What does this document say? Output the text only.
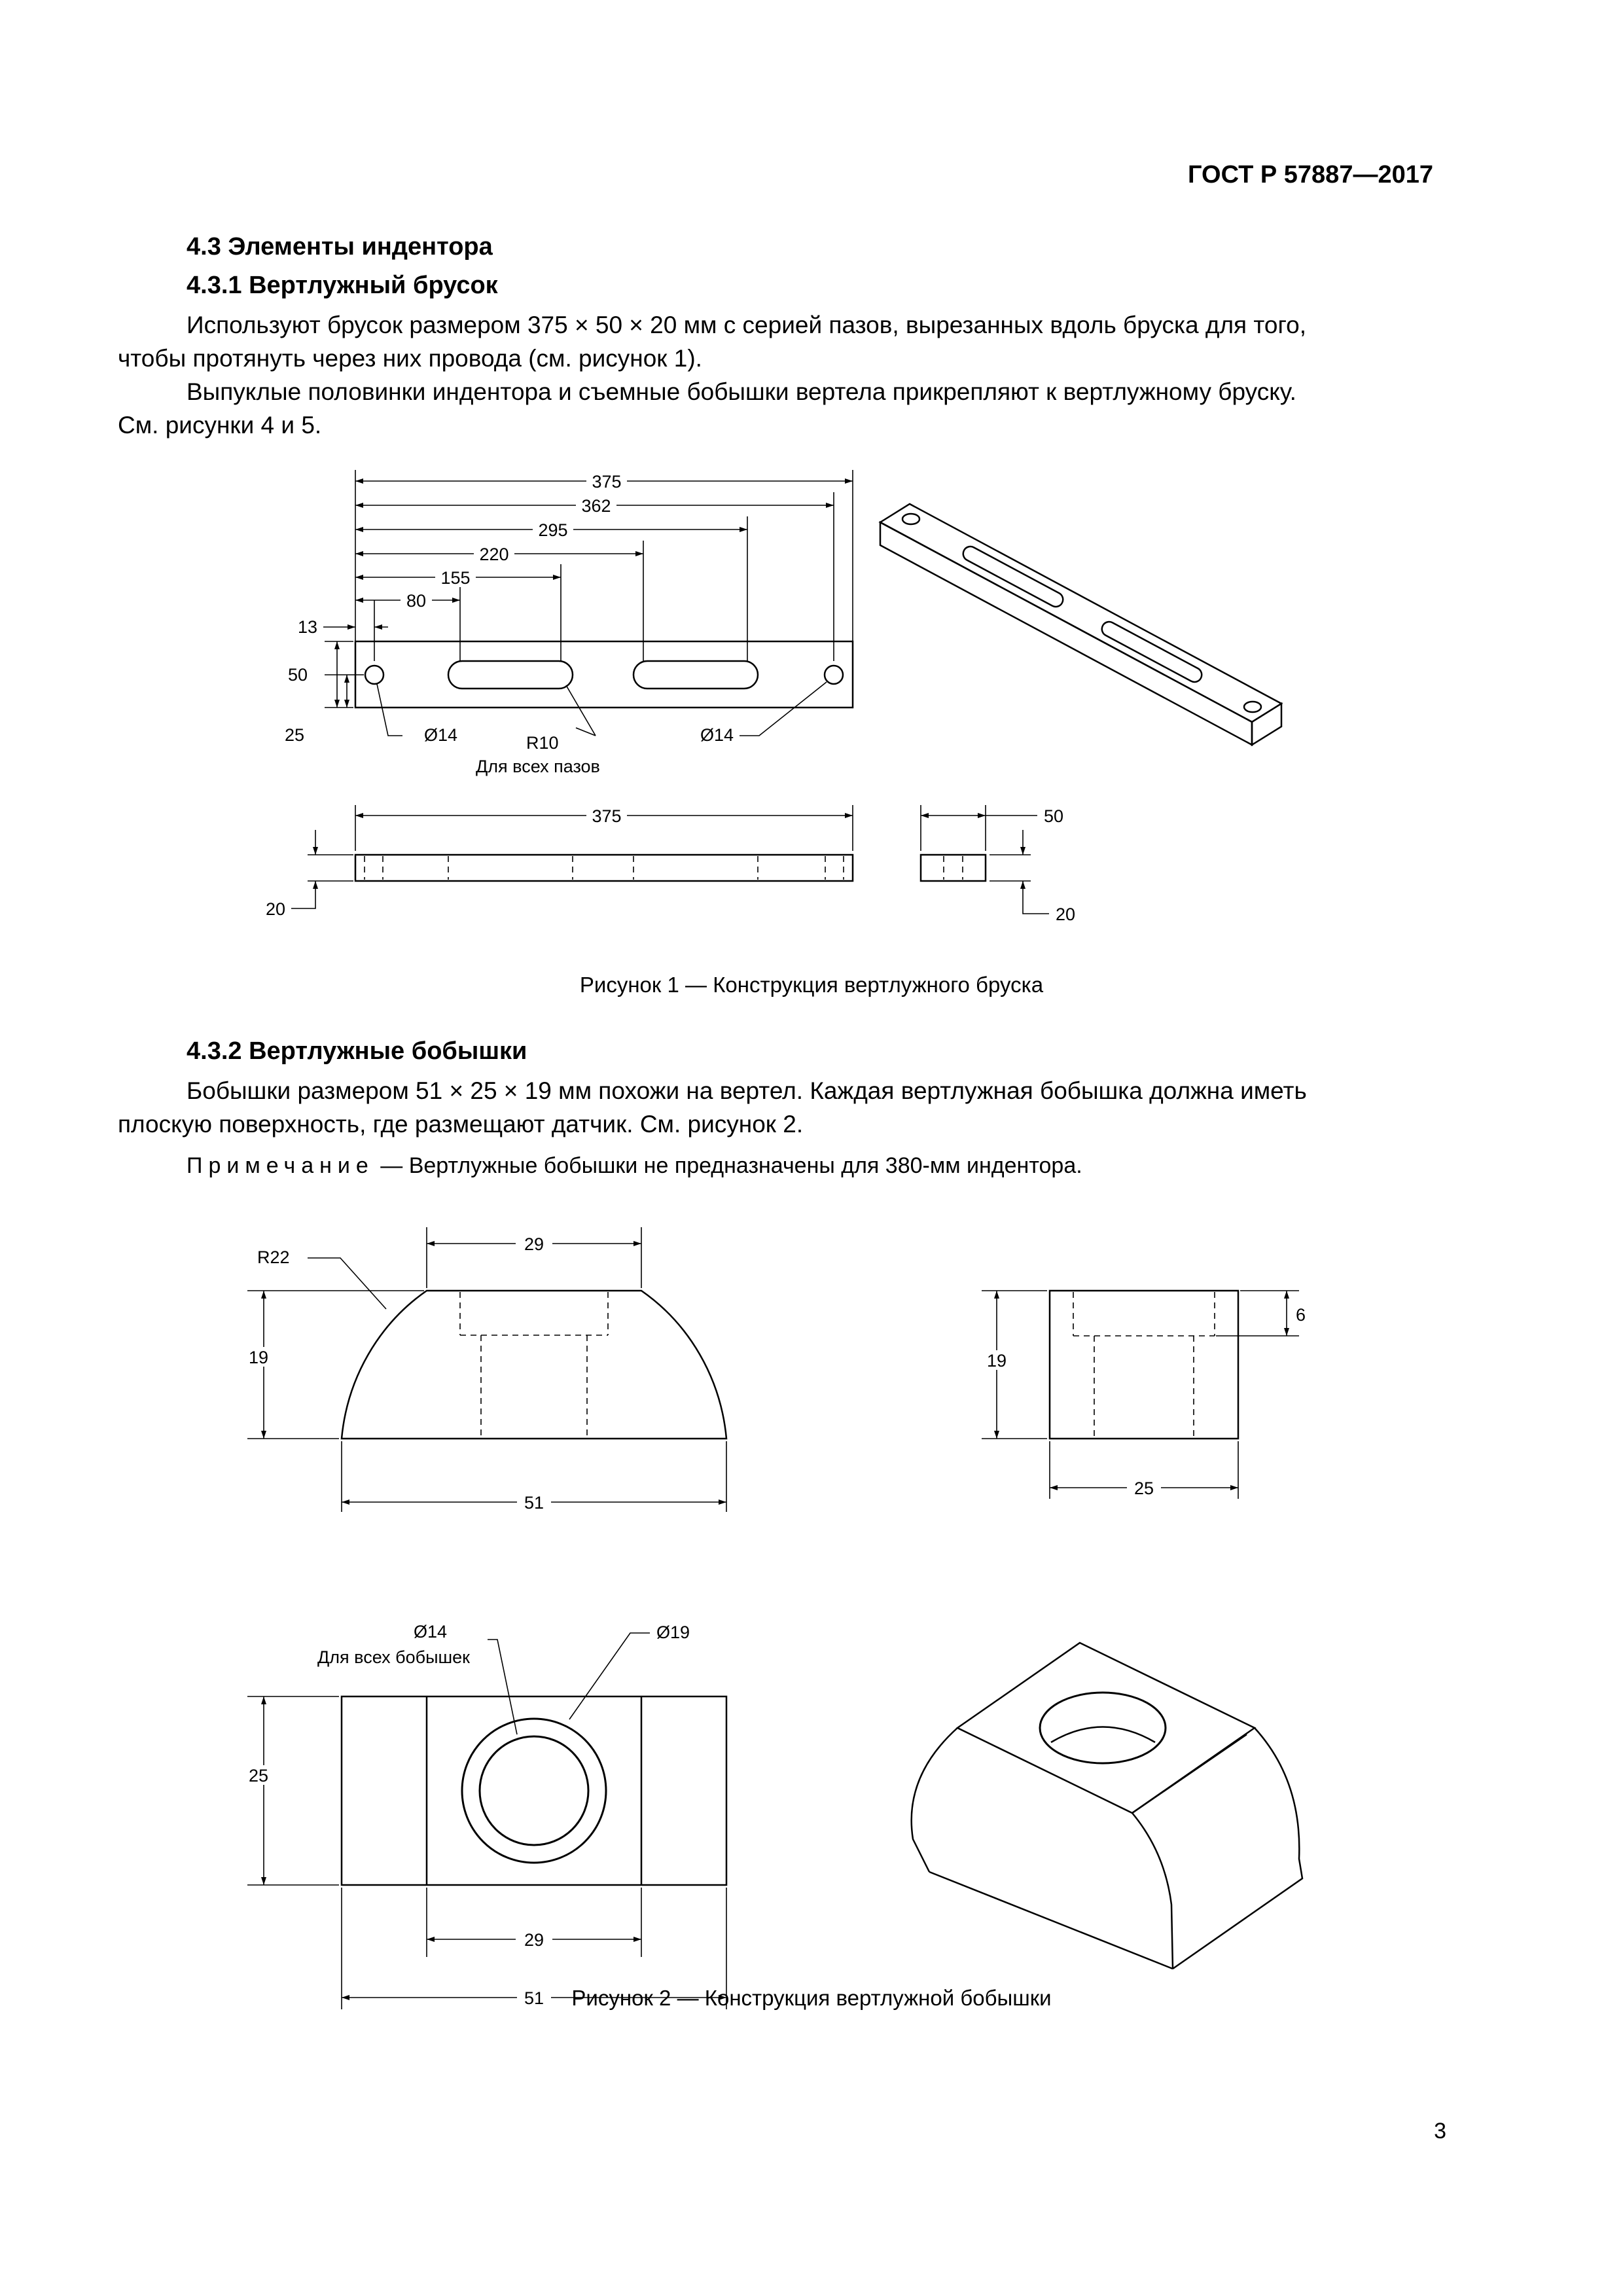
ГОСТ Р 57887—2017
4.3 Элементы индентора
4.3.1 Вертлужный брусок
Используют брусок размером 375 × 50 × 20 мм с серией пазов, вырезанных вдоль бруска для того,
чтобы протянуть через них провода (см. рисунок 1).
Выпуклые половинки индентора и съемные бобышки вертела прикрепляют к вертлужному бруску.
См. рисунки 4 и 5.
Рисунок 1 — Конструкция вертлужного бруска
4.3.2 Вертлужные бобышки
Бобышки размером 51 × 25 × 19 мм похожи на вертел. Каждая вертлужная бобышка должна иметь
плоскую поверхность, где размещают датчик. См. рисунок 2.
Примечание — Вертлужные бобышки не предназначены для 380-мм индентора.
Рисунок 2 — Конструкция вертлужной бобышки
3
375
362
295
220
155
80
13
50
25	Ø14	R10
Для всех пазов
Ø14
375
20
50
20
29
R22
19
51
19
6
25
25
29
51
Ø14
Для всех бобышек
Ø19
